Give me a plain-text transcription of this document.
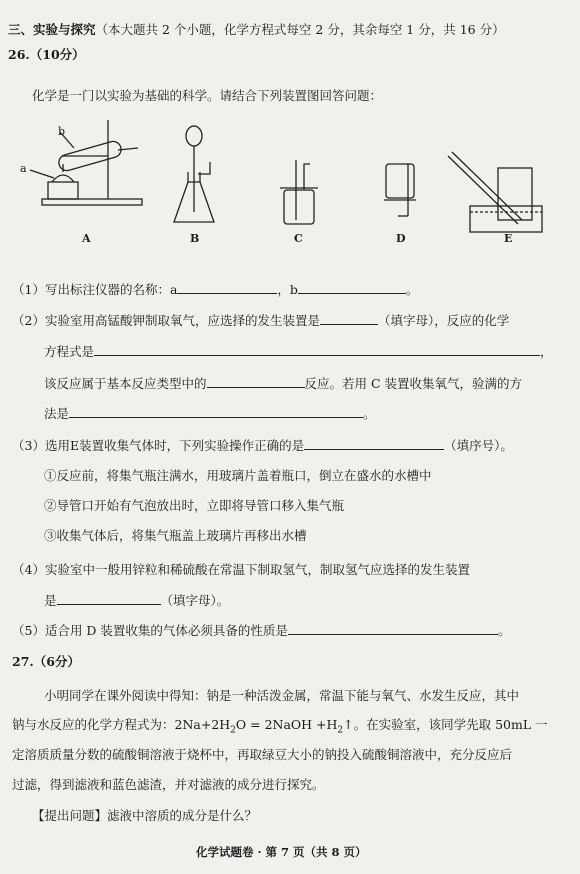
三、实验与探究（本大题共 2 个小题，化学方程式每空 2 分，其余每空 1 分，共 16 分）
26.（10分）
化学是一门以实验为基础的科学。请结合下列装置图回答问题：
b
a
A	B	C	D	E
（1）写出标注仪器的名称：a	，b	。
（2）实验室用高锰酸钾制取氧气，应选择的发生装置是	（填字母），反应的化学
方程式是	，
该反应属于基本反应类型中的	反应。若用 C 装置收集氧气，验满的方
法是	。
（3）选用E装置收集气体时，下列实验操作正确的是	（填序号）。
①反应前，将集气瓶注满水，用玻璃片盖着瓶口，倒立在盛水的水槽中
②导管口开始有气泡放出时，立即将导管口移入集气瓶
③收集气体后，将集气瓶盖上玻璃片再移出水槽
（4）实验室中一般用锌粒和稀硫酸在常温下制取氢气，制取氢气应选择的发生装置
是	（填字母）。
（5）适合用 D 装置收集的气体必须具备的性质是	。
27.（6分）
小明同学在课外阅读中得知：钠是一种活泼金属，常温下能与氧气、水发生反应，其中
钠与水反应的化学方程式为：$2Na+2H_2O$ = 2NaOH $+H_2↑$。在实验室，该同学先取 50mL 一
定溶质质量分数的硫酸铜溶液于烧杯中，再取绿豆大小的钠投入硫酸铜溶液中，充分反应后
过滤，得到滤液和蓝色滤渣，并对滤液的成分进行探究。
【提出问题】滤液中溶质的成分是什么？
化学试题卷 · 第 7 页（共 8 页）
